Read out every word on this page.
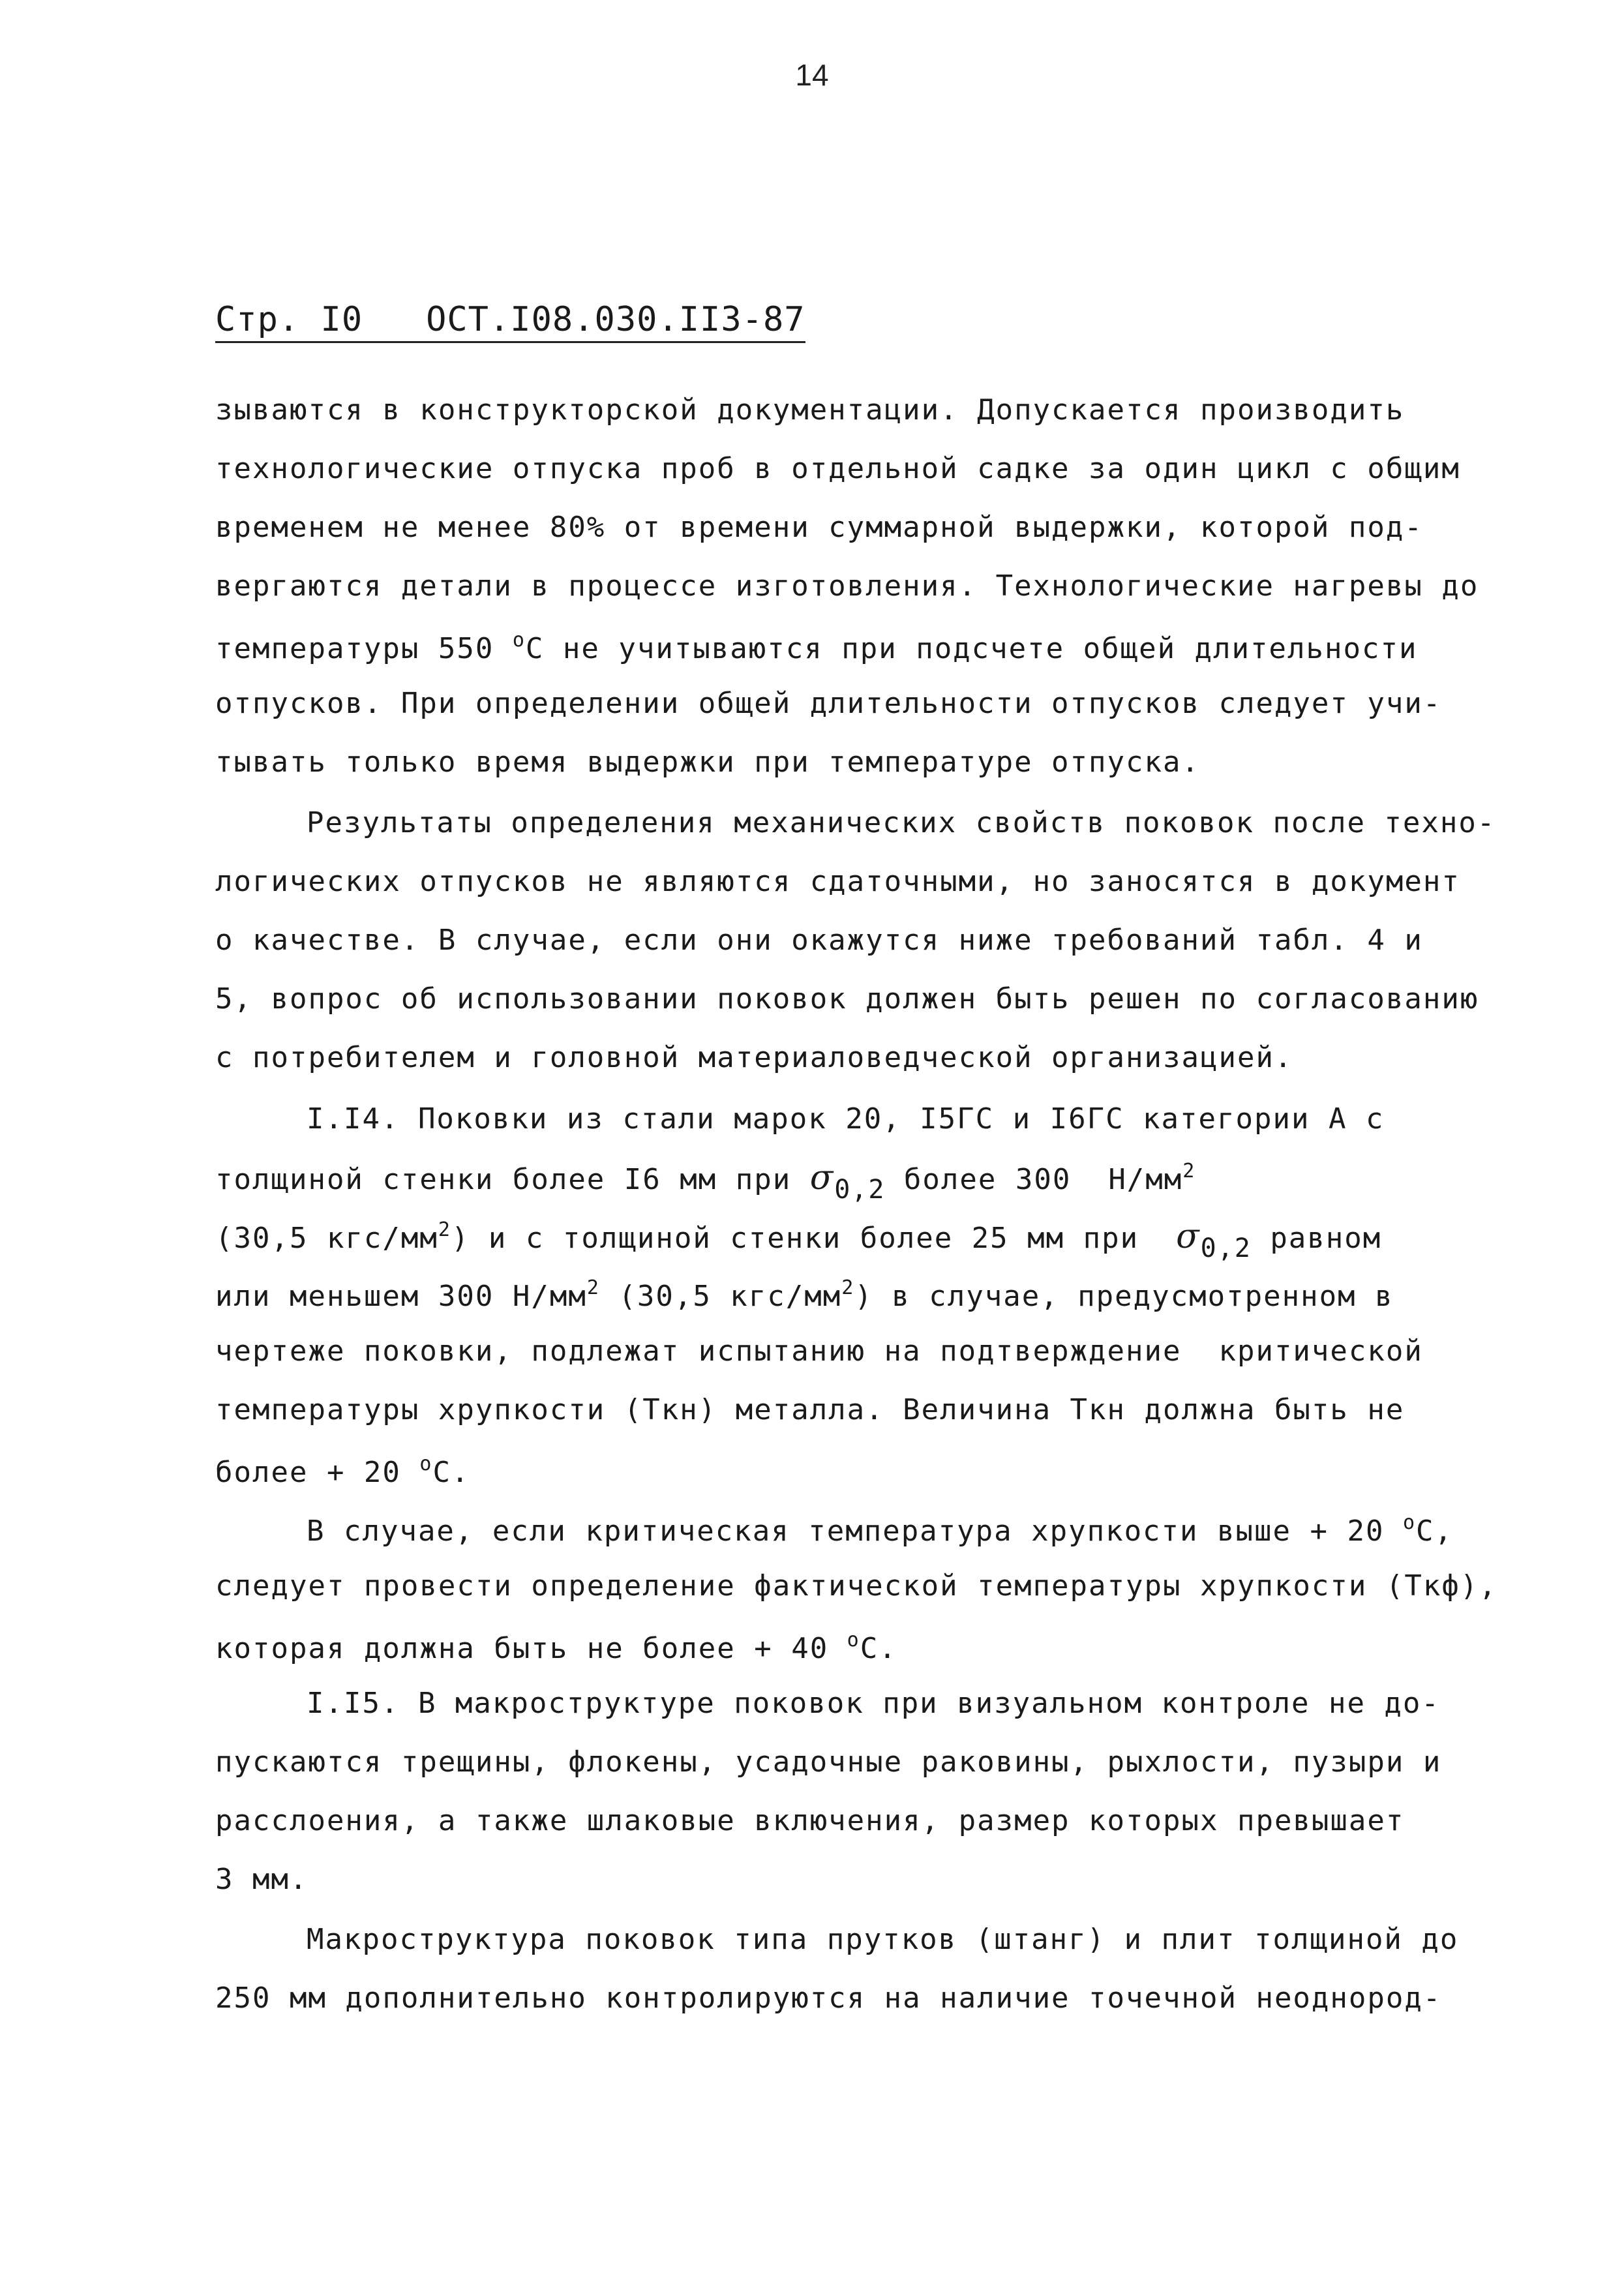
14
Стр. I0   ОСТ.I08.030.II3-87
зываются в конструкторской документации. Допускается производить
технологические отпуска проб в отдельной садке за один цикл с общим
временем не менее 80% от времени суммарной выдержки, которой под-
вергаются детали в процессе изготовления. Технологические нагревы до
температуры 550 $^о$С не учитываются при подсчете общей длительности
отпусков. При определении общей длительности отпусков следует учи-
тывать только время выдержки при температуре отпуска.
Результаты определения механических свойств поковок после техно-
логических отпусков не являются сдаточными, но заносятся в документ
о качестве. В случае, если они окажутся ниже требований табл. 4 и
5, вопрос об использовании поковок должен быть решен по согласованию
с потребителем и головной материаловедческой организацией.
I.I4. Поковки из стали марок 20, I5ГС и I6ГС категории А с
толщиной стенки более I6 мм при σ0,2 более 300  $Н/мм^2$
(30,5 кгс/$мм^2$) и с толщиной стенки более 25 мм при  σ0,2 равном
или меньшем 300 $Н/мм^2$ (30,5 кгс/$мм^2$) в случае, предусмотренном в
чертеже поковки, подлежат испытанию на подтверждение  критической
температуры хрупкости (Ткн) металла. Величина Ткн должна быть не
более + 20 $^о$С.
В случае, если критическая температура хрупкости выше + 20 $^о$С,
следует провести определение фактической температуры хрупкости (Ткф),
которая должна быть не более + 40 $^о$С.
I.I5. В макроструктуре поковок при визуальном контроле не до-
пускаются трещины, флокены, усадочные раковины, рыхлости, пузыри и
расслоения, а также шлаковые включения, размер которых превышает
3 мм.
Макроструктура поковок типа прутков (штанг) и плит толщиной до
250 мм дополнительно контролируются на наличие точечной неоднород-
